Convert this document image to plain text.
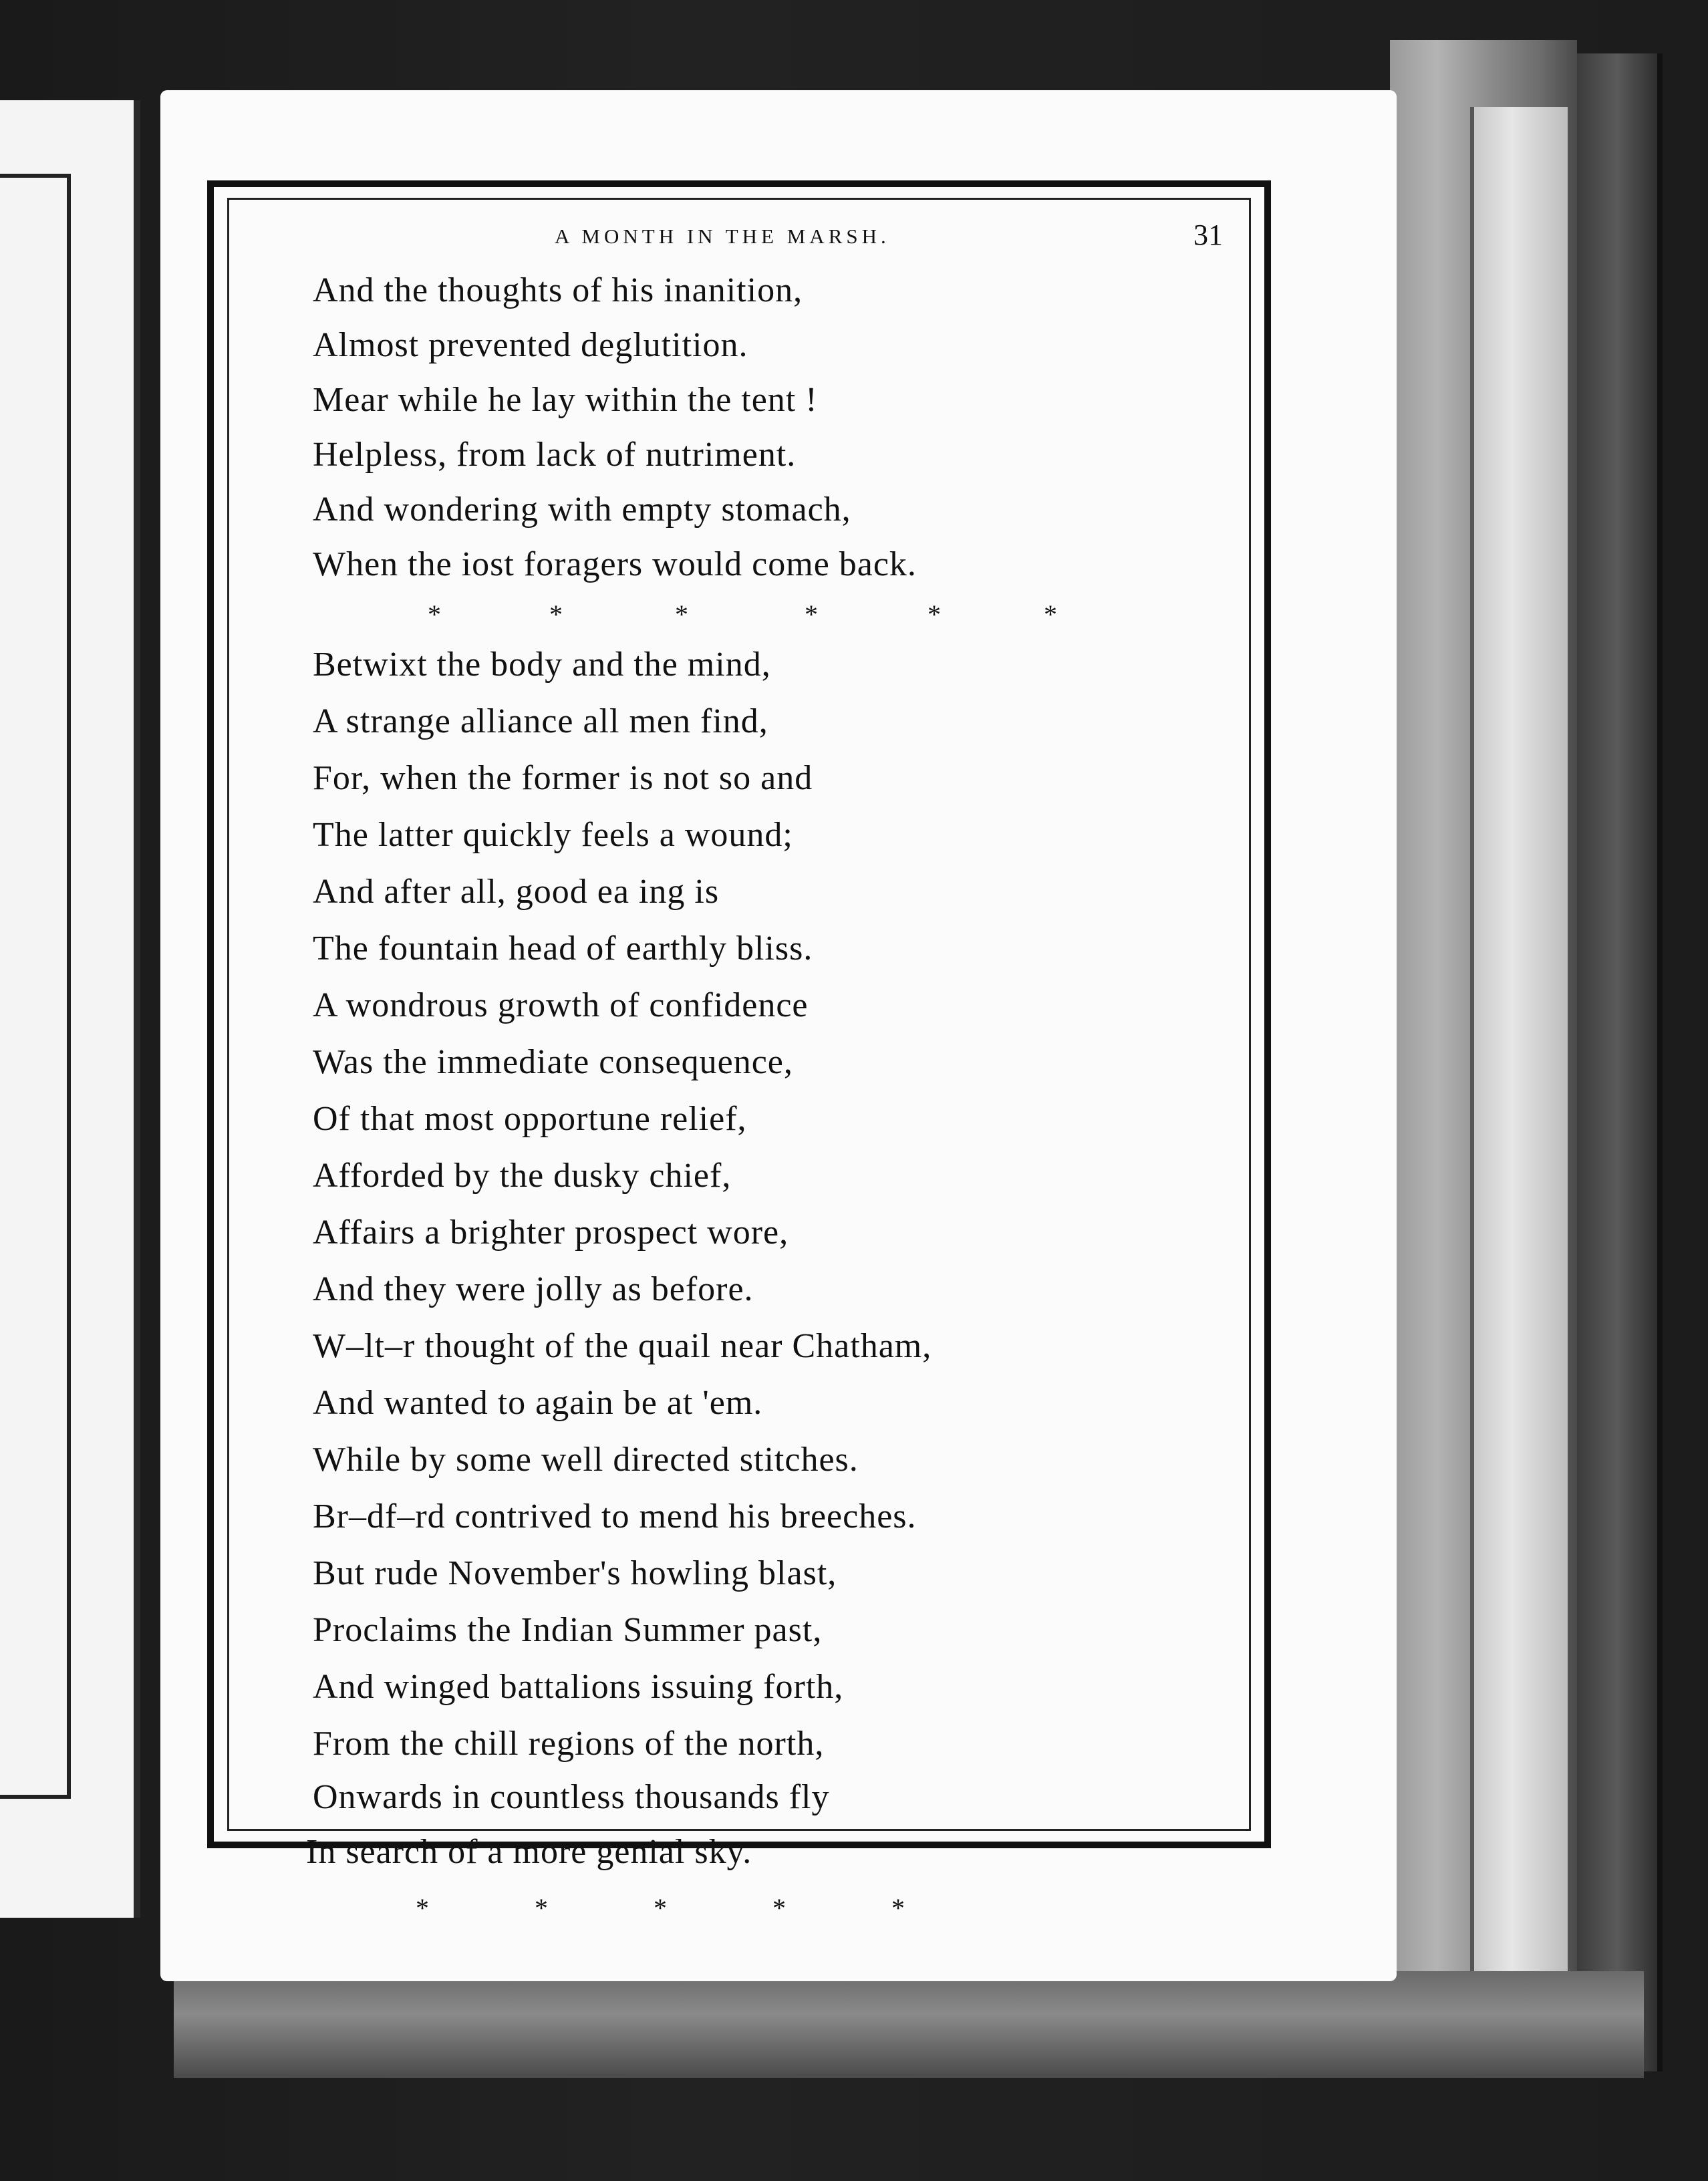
A MONTH IN THE MARSH.	31
And the thoughts of his inanition,
Almost prevented deglutition.
Mear while he lay within the tent !
Helpless, from lack of nutriment.
And wondering with empty stomach,
When the iost foragers would come back.
*	*	*	*	*	*
Betwixt the body and the mind,
A strange alliance all men find,
For, when the former is not so and
The latter quickly feels a wound;
And after all, good ea ing is
The fountain head of earthly bliss.
A wondrous growth of confidence
Was the immediate consequence,
Of that most opportune relief,
Afforded by the dusky chief,
Affairs a brighter prospect wore,
And they were jolly as before.
W–lt–r thought of the quail near Chatham,
And wanted to again be at 'em.
While by some well directed stitches.
Br–df–rd contrived to mend his breeches.
But rude November's howling blast,
Proclaims the Indian Summer past,
And winged battalions issuing forth,
From the chill regions of the north,
Onwards in countless thousands fly
In search of a more genial sky.
*	*	*	*	*
